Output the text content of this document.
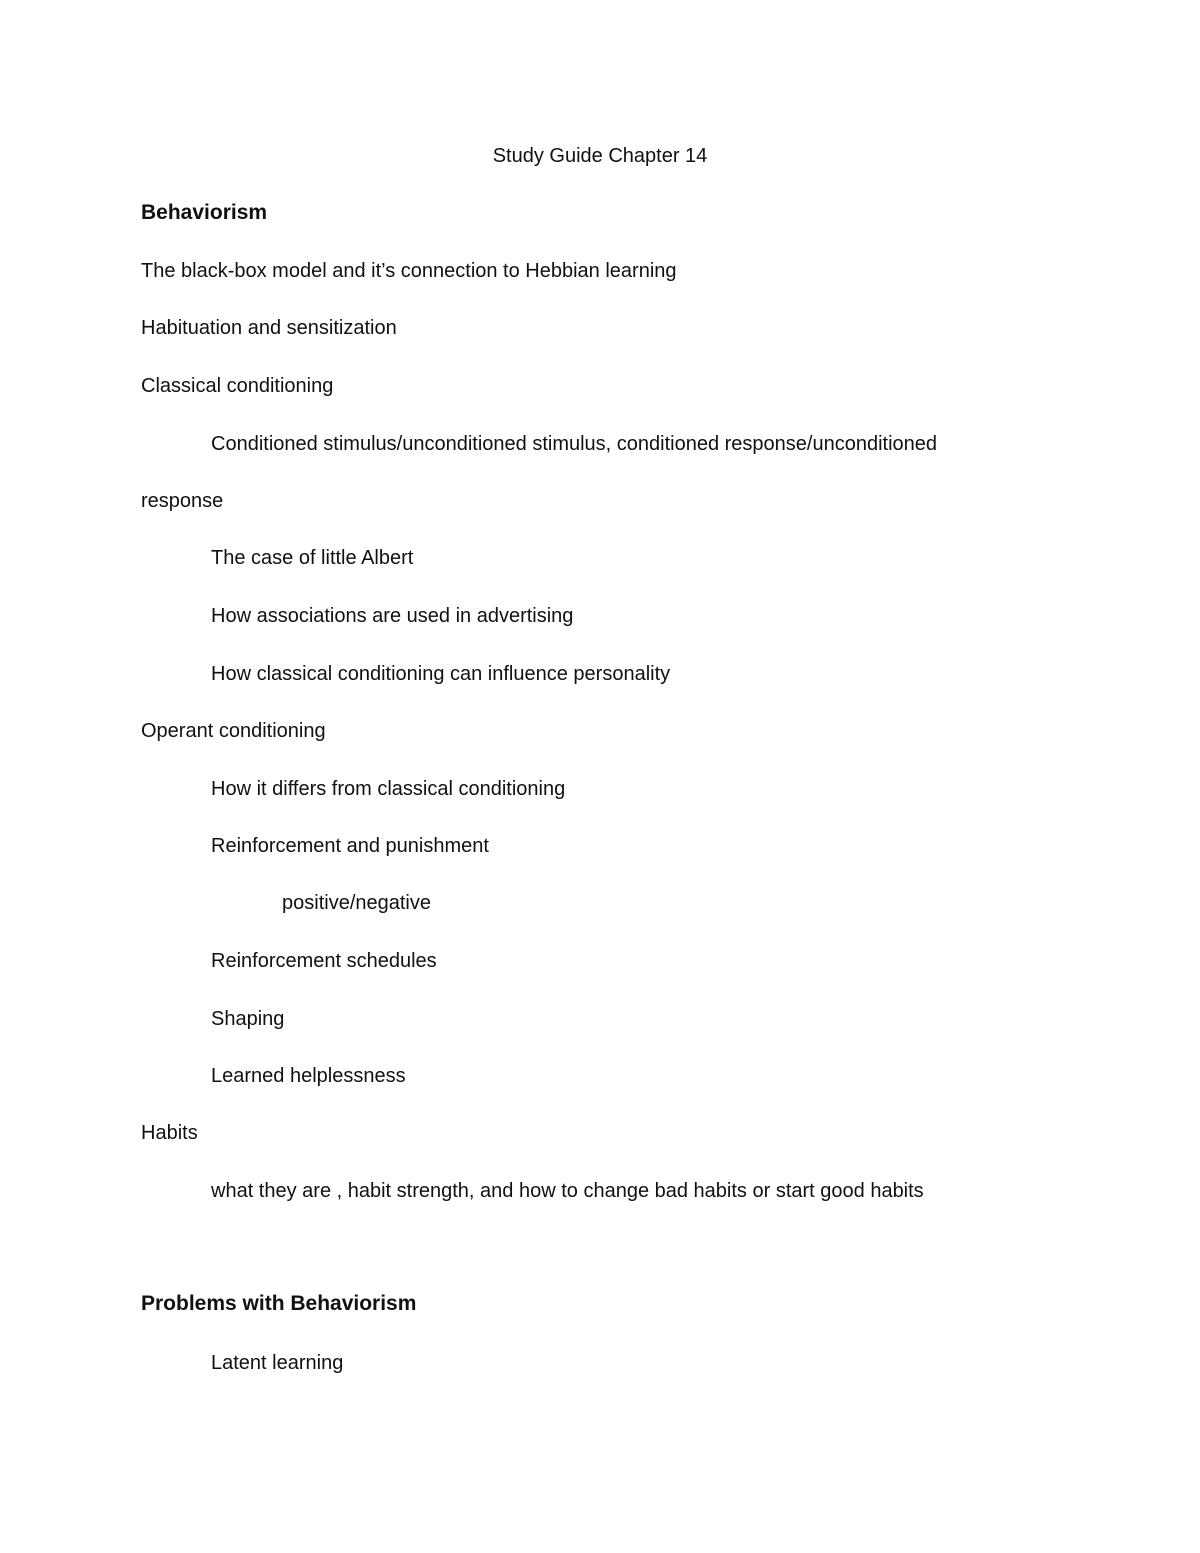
Study Guide Chapter 14
Behaviorism
The black-box model and it’s connection to Hebbian learning
Habituation and sensitization
Classical conditioning
Conditioned stimulus/unconditioned stimulus, conditioned response/unconditioned
response
The case of little Albert
How associations are used in advertising
How classical conditioning can influence personality
Operant conditioning
How it differs from classical conditioning
Reinforcement and punishment
positive/negative
Reinforcement schedules
Shaping
Learned helplessness
Habits
what they are , habit strength, and how to change bad habits or start good habits
Problems with Behaviorism
Latent learning
